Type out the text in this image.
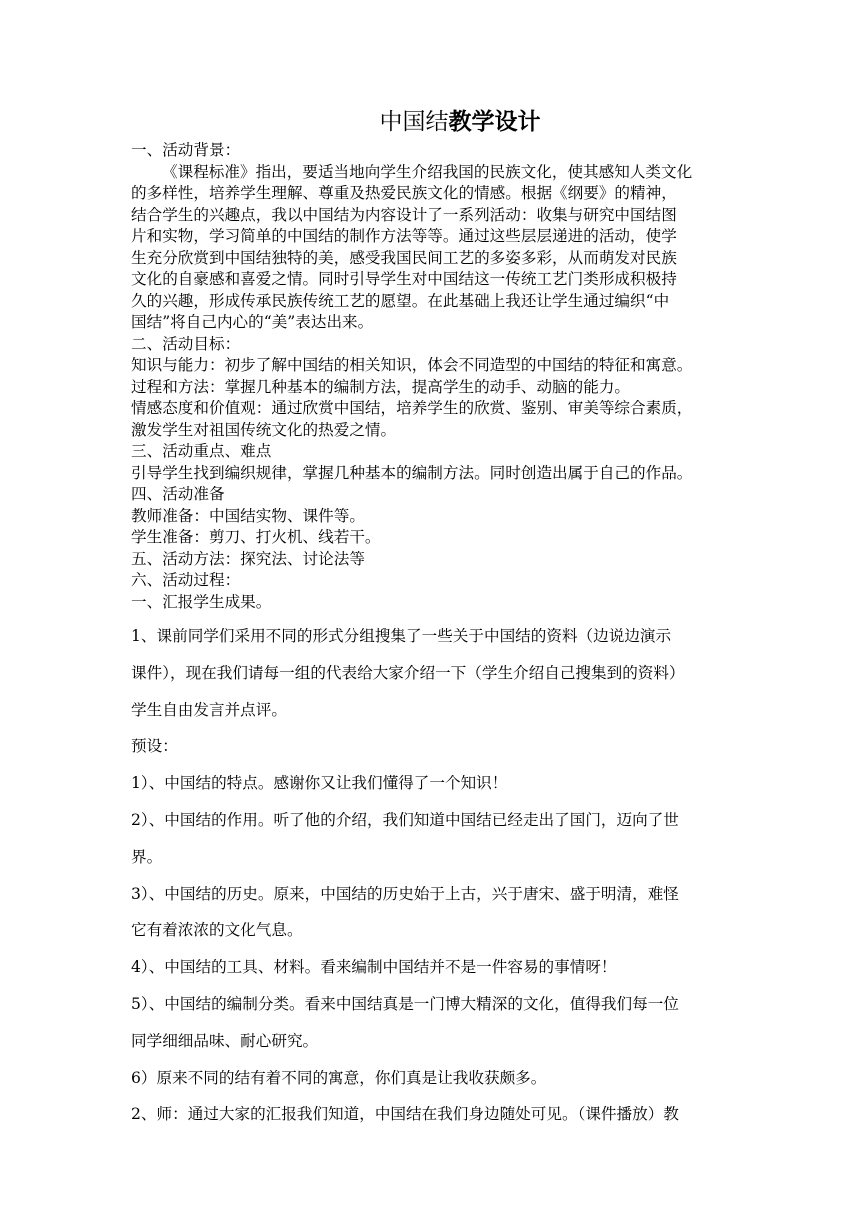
中国结教学设计

一、活动背景：

《课程标准》指出，要适当地向学生介绍我国的民族文化，使其感知人类文化

的多样性，培养学生理解、尊重及热爱民族文化的情感。根据《纲要》的精神，

结合学生的兴趣点，我以中国结为内容设计了一系列活动：收集与研究中国结图

片和实物，学习简单的中国结的制作方法等等。通过这些层层递进的活动，使学

生充分欣赏到中国结独特的美，感受我国民间工艺的多姿多彩，从而萌发对民族

文化的自豪感和喜爱之情。同时引导学生对中国结这一传统工艺门类形成积极持

久的兴趣，形成传承民族传统工艺的愿望。在此基础上我还让学生通过编织“中

国结”将自己内心的“美”表达出来。

二、活动目标：

知识与能力：初步了解中国结的相关知识，体会不同造型的中国结的特征和寓意。

过程和方法：掌握几种基本的编制方法，提高学生的动手、动脑的能力。

情感态度和价值观：通过欣赏中国结，培养学生的欣赏、鉴别、审美等综合素质，

激发学生对祖国传统文化的热爱之情。

三、活动重点、难点

引导学生找到编织规律，掌握几种基本的编制方法。同时创造出属于自己的作品。

四、活动准备

教师准备：中国结实物、课件等。

学生准备：剪刀、打火机、线若干。

五、活动方法：探究法、讨论法等

六、活动过程：

一、汇报学生成果。

1、课前同学们采用不同的形式分组搜集了一些关于中国结的资料（边说边演示

课件），现在我们请每一组的代表给大家介绍一下（学生介绍自己搜集到的资料）

学生自由发言并点评。

预设：

1）、中国结的特点。感谢你又让我们懂得了一个知识！

2）、中国结的作用。听了他的介绍，我们知道中国结已经走出了国门，迈向了世

界。

3）、中国结的历史。原来，中国结的历史始于上古，兴于唐宋、盛于明清，难怪

它有着浓浓的文化气息。

4）、中国结的工具、材料。看来编制中国结并不是一件容易的事情呀！

5）、中国结的编制分类。看来中国结真是一门博大精深的文化，值得我们每一位

同学细细品味、耐心研究。

6）原来不同的结有着不同的寓意，你们真是让我收获颇多。

2、师：通过大家的汇报我们知道，中国结在我们身边随处可见。（课件播放）教
